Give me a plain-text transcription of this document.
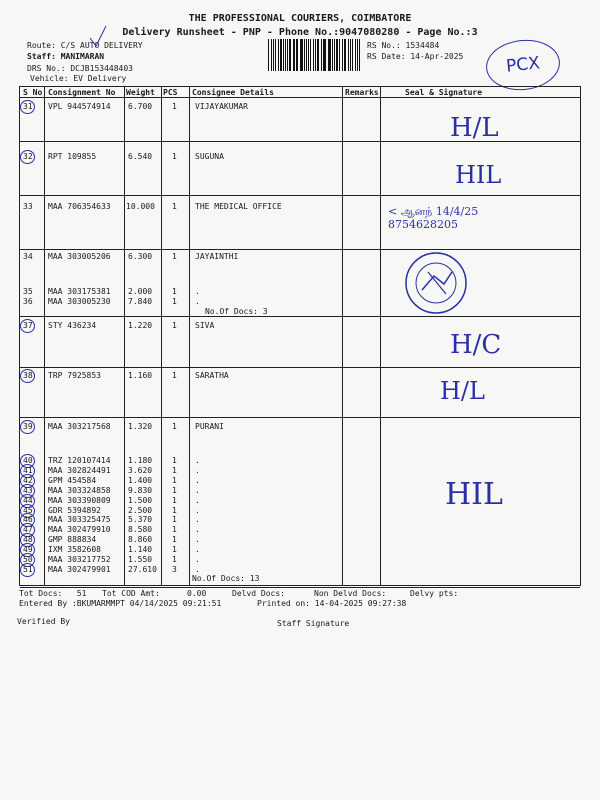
THE PROFESSIONAL COURIERS, COIMBATORE
Delivery Runsheet - PNP - Phone No.:9047080280 - Page No.:3
Route: C/S AUTO DELIVERY
Staff: MANIMARAN
DRS No.: DCJB153448403
Vehicle: EV Delivery
RS No.: 1534484
RS Date: 14-Apr-2025	PCX
S No Consignment No Weight PCS Consignee Details	Remarks	Seal & Signature
31 VPL 944574914 6.700 1 VIJAYAKUMAR
H/L
32 RPT 109855	6.540 1 SUGUNA
HIL
33 MAA 706354633 10.000 1 THE MEDICAL OFFICE	< ஆனந் 14/4/25 8754628205
34 MAA 303005206 6.300 1 JAYAINTHI
35 MAA 303175381 2.000 1 .
36 MAA 303005230 7.840 1 .
No.Of Docs: 3
37 STY 436234	1.220 1 SIVA
H/C
38 TRP 7925853	1.160 1 SARATHA
H/L
39 MAA 303217568 1.320 1 PURANI
HIL
40 TRZ 120107414 1.180 1 .
41 MAA 302824491 3.620 1 .
42 GPM 454584	1.400 1 .
43 MAA 303324858 9.830 1 .
44 MAA 303390809 1.500 1 .
45 GDR 5394892	2.500 1 .
46 MAA 303325475 5.370 1 .
47 MAA 302479910 8.580 1 .
48 GMP 888834	8.860 1 .
49 IXM 3582608	1.140 1 .
50 MAA 303217752 1.550 1 .
51 MAA 302479901 27.610 3 .
No.Of Docs: 13
Tot Docs:   51 Tot COD Amt:	0.00	Delvd Docs:	Non Delvd Docs:	Delvy pts:
Entered By :BKUMARMMPT 04/14/2025 09:21:51	Printed on: 14-04-2025 09:27:38
Verified By	Staff Signature
